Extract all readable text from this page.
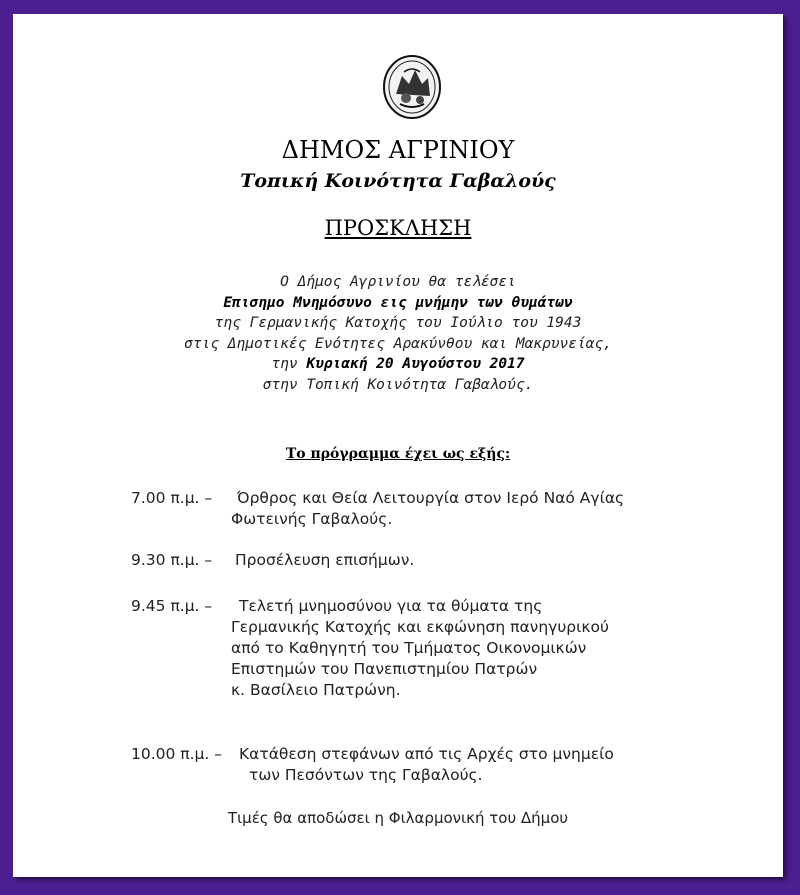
ΔΗΜΟΣ ΑΓΡΙΝΙΟΥ
Τοπική Κοινότητα Γαβαλούς
ΠΡΟΣΚΛΗΣΗ
Ο Δήμος Αγρινίου θα τελέσει
Επισημο Μνημόσυνο εις μνήμην των θυμάτων
της Γερμανικής Κατοχής του Ιούλιο του 1943
στις Δημοτικές Ενότητες Αρακύνθου και Μακρυνείας,
την Κυριακή 20 Αυγούστου 2017
στην Τοπική Κοινότητα Γαβαλούς.
Το πρόγραμμα έχει ως εξής:
7.00 π.μ. – Όρθρος και Θεία Λειτουργία στον Ιερό Ναό Αγίας
Φωτεινής Γαβαλούς.
9.30 π.μ. – Προσέλευση επισήμων.
9.45 π.μ. – Τελετή μνημοσύνου για τα θύματα της
Γερμανικής Κατοχής και εκφώνηση πανηγυρικού
από το Καθηγητή του Τμήματος Οικονομικών
Επιστημών του Πανεπιστημίου Πατρών
κ. Βασίλειο Πατρώνη.
10.00 π.μ. – Κατάθεση στεφάνων από τις Αρχές στο μνημείο
των Πεσόντων της Γαβαλούς.
Τιμές θα αποδώσει η Φιλαρμονική του Δήμου
